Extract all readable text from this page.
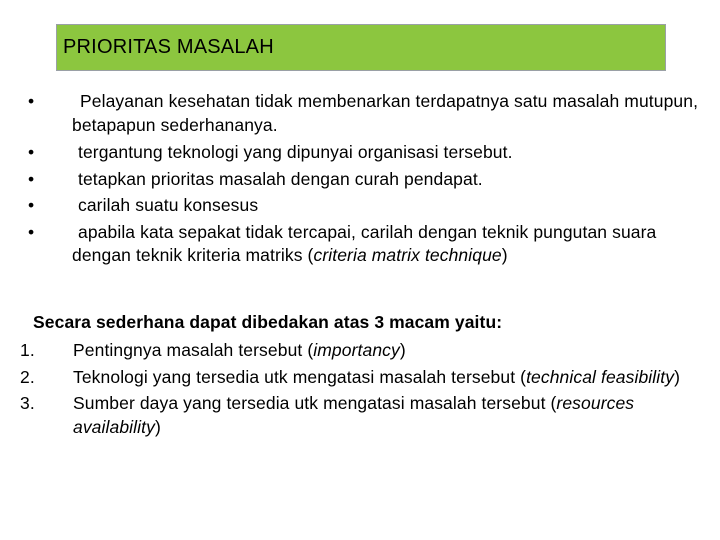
PRIORITAS MASALAH
•	Pelayanan kesehatan tidak membenarkan terdapatnya satu masalah mutupun, betapapun sederhananya.
•	tergantung teknologi yang dipunyai organisasi tersebut.
•	tetapkan prioritas masalah dengan curah pendapat.
•	carilah suatu konsesus
•	apabila kata sepakat tidak tercapai, carilah dengan teknik pungutan suara dengan teknik kriteria matriks (criteria matrix technique)
Secara sederhana dapat dibedakan atas 3 macam yaitu:
1. Pentingnya masalah tersebut (importancy)
2. Teknologi yang tersedia utk mengatasi masalah tersebut (technical feasibility)
3. Sumber daya yang tersedia utk mengatasi masalah tersebut (resources availability)
